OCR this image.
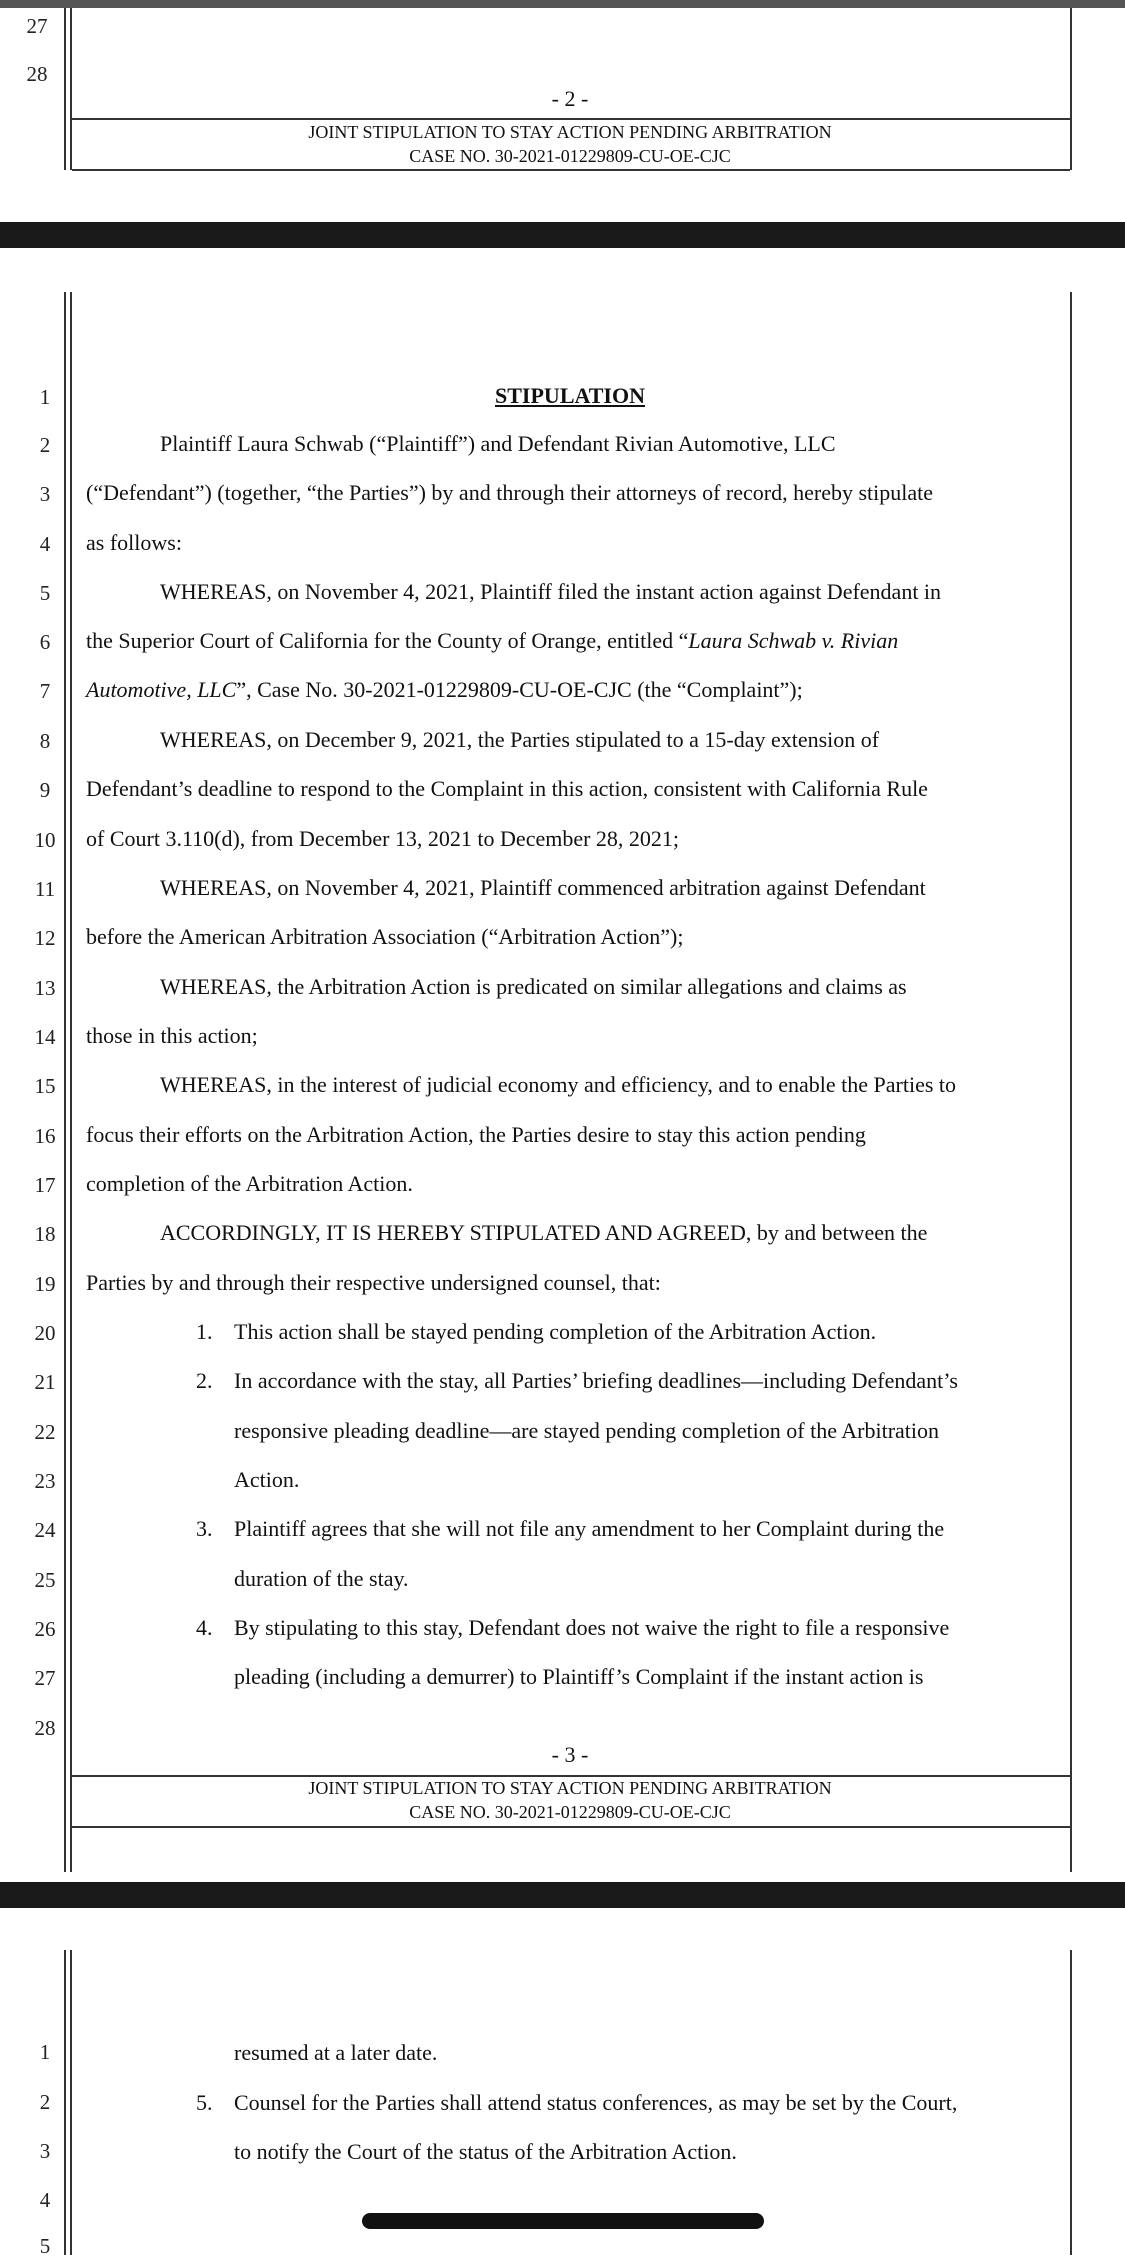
27
28
- 2 -
JOINT STIPULATION TO STAY ACTION PENDING ARBITRATION
CASE NO. 30-2021-01229809-CU-OE-CJC
1
2
3
4
5
6
7
8
9
10
11
12
13
14
15
16
17
18
19
20
21
22
23
24
25
26
27
28
STIPULATION
Plaintiff Laura Schwab (“Plaintiff”) and Defendant Rivian Automotive, LLC
(“Defendant”) (together, “the Parties”) by and through their attorneys of record, hereby stipulate
as follows:
WHEREAS, on November 4, 2021, Plaintiff filed the instant action against Defendant in
the Superior Court of California for the County of Orange, entitled “Laura Schwab v. Rivian
Automotive, LLC”, Case No. 30-2021-01229809-CU-OE-CJC (the “Complaint”);
WHEREAS, on December 9, 2021, the Parties stipulated to a 15-day extension of
Defendant’s deadline to respond to the Complaint in this action, consistent with California Rule
of Court 3.110(d), from December 13, 2021 to December 28, 2021;
WHEREAS, on November 4, 2021, Plaintiff commenced arbitration against Defendant
before the American Arbitration Association (“Arbitration Action”);
WHEREAS, the Arbitration Action is predicated on similar allegations and claims as
those in this action;
WHEREAS, in the interest of judicial economy and efficiency, and to enable the Parties to
focus their efforts on the Arbitration Action, the Parties desire to stay this action pending
completion of the Arbitration Action.
ACCORDINGLY, IT IS HEREBY STIPULATED AND AGREED, by and between the
Parties by and through their respective undersigned counsel, that:
1. This action shall be stayed pending completion of the Arbitration Action.
2. In accordance with the stay, all Parties’ briefing deadlines—including Defendant’s
responsive pleading deadline—are stayed pending completion of the Arbitration
Action.
3. Plaintiff agrees that she will not file any amendment to her Complaint during the
duration of the stay.
4. By stipulating to this stay, Defendant does not waive the right to file a responsive
pleading (including a demurrer) to Plaintiff’s Complaint if the instant action is
- 3 -
JOINT STIPULATION TO STAY ACTION PENDING ARBITRATION
CASE NO. 30-2021-01229809-CU-OE-CJC
1
2
3
4
5
resumed at a later date.
5. Counsel for the Parties shall attend status conferences, as may be set by the Court,
to notify the Court of the status of the Arbitration Action.
